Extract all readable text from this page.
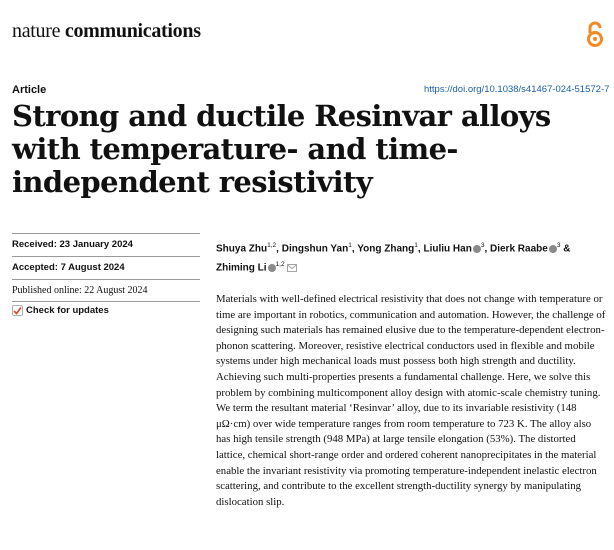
nature communications
Article	https://doi.org/10.1038/s41467-024-51572-7
Strong and ductile Resinvar alloys with temperature- and time-independent resistivity
Received: 23 January 2024
Accepted: 7 August 2024
Published online: 22 August 2024
Check for updates
Shuya Zhu$^{1,2}$, Dingshun Yan$^1$, Yong Zhang$^1$, Liuliu Han $^3$, Dierk Raabe $^3$ &
Zhiming Li $^{1,2}$

Materials with well-defined electrical resistivity that does not change with temperature or time are important in robotics, communication and automation. However, the challenge of designing such materials has remained elusive due to the temperature-dependent electron-phonon scattering. Moreover, resistive electrical conductors used in flexible and mobile systems under high mechanical loads must possess both high strength and ductility. Achieving such multi-properties presents a fundamental challenge. Here, we solve this problem by combining multicomponent alloy design with atomic-scale chemistry tuning. We term the resultant material ‘Resinvar’ alloy, due to its invariable resistivity (148 μΩ·cm) over wide temperature ranges from room temperature to 723 K. The alloy also has high tensile strength (948 MPa) at large tensile elongation (53%). The distorted lattice, chemical short-range order and ordered coherent nanoprecipitates in the material enable the invariant resistivity via promoting temperature-independent inelastic electron scattering, and contribute to the excellent strength-ductility synergy by manipulating dislocation slip.
